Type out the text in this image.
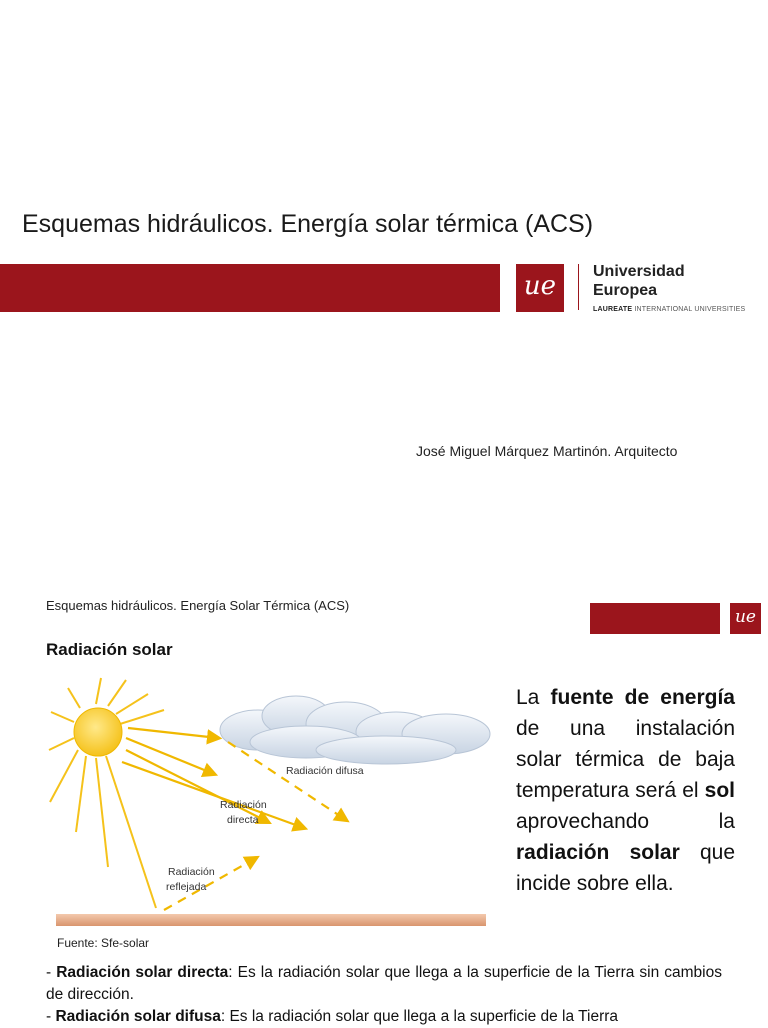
Esquemas hidráulicos. Energía solar térmica (ACS)
ue	Universidad
Europea
LAUREATE INTERNATIONAL UNIVERSITIES
José Miguel Márquez Martinón. Arquitecto
Esquemas hidráulicos. Energía Solar Térmica (ACS)
ue
Radiación solar
Radiación difusa
Radiación
directa
Radiación
reflejada
Fuente: Sfe-solar
La fuente de energía de una instalación solar térmica de baja temperatura será el sol aprovechando la radiación solar que incide sobre ella.

- Radiación solar directa: Es la radiación solar que llega a la superficie de la Tierra sin cambios de dirección.

- Radiación solar difusa: Es la radiación solar que llega a la superficie de la Tierra
